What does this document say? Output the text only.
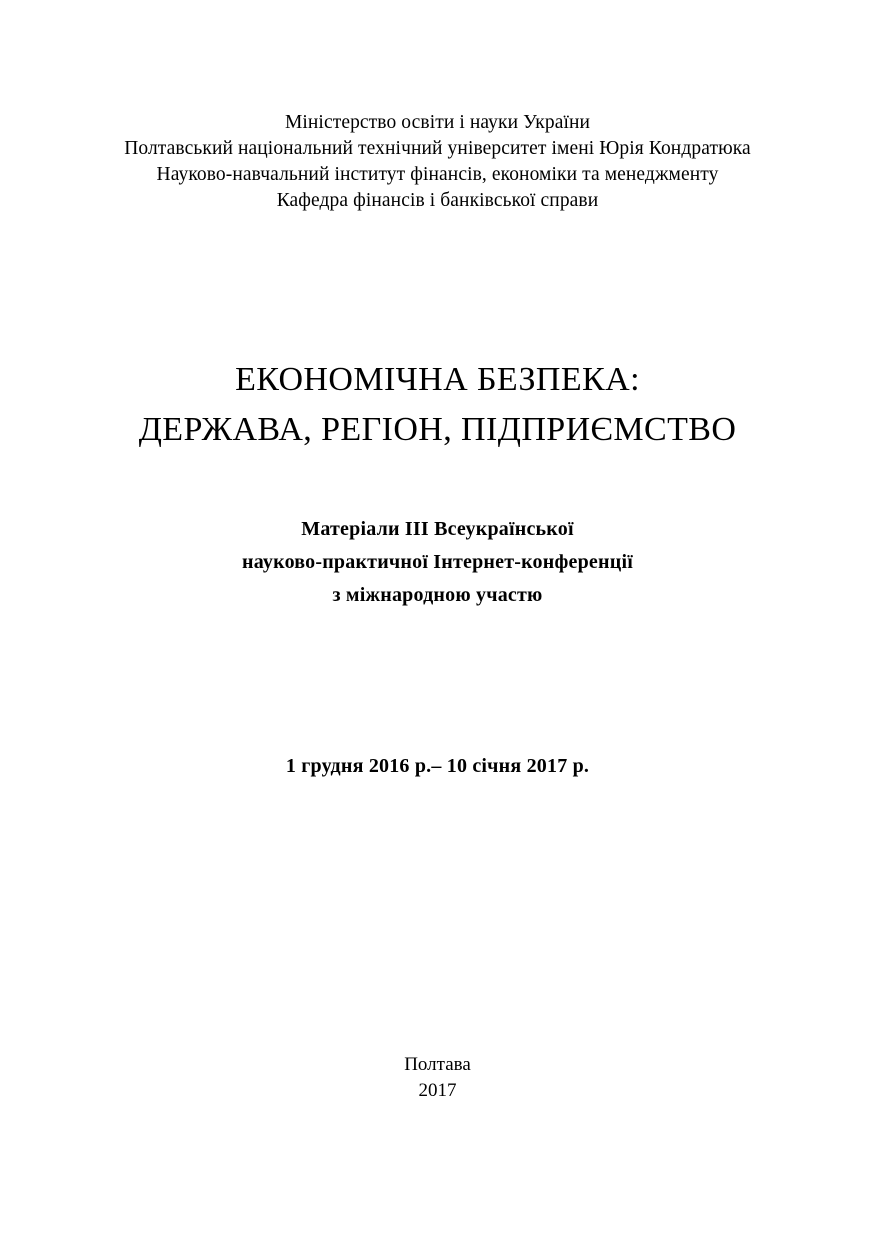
Міністерство освіти і науки України
Полтавський національний технічний університет імені Юрія Кондратюка
Науково-навчальний інститут фінансів, економіки та менеджменту
Кафедра фінансів і банківської справи
ЕКОНОМІЧНА БЕЗПЕКА:
ДЕРЖАВА, РЕГІОН, ПІДПРИЄМСТВО
Матеріали ІІІ Всеукраїнської
науково-практичної Інтернет-конференції
з міжнародною участю
1 грудня 2016 р.– 10 січня 2017 р.
Полтава
2017
